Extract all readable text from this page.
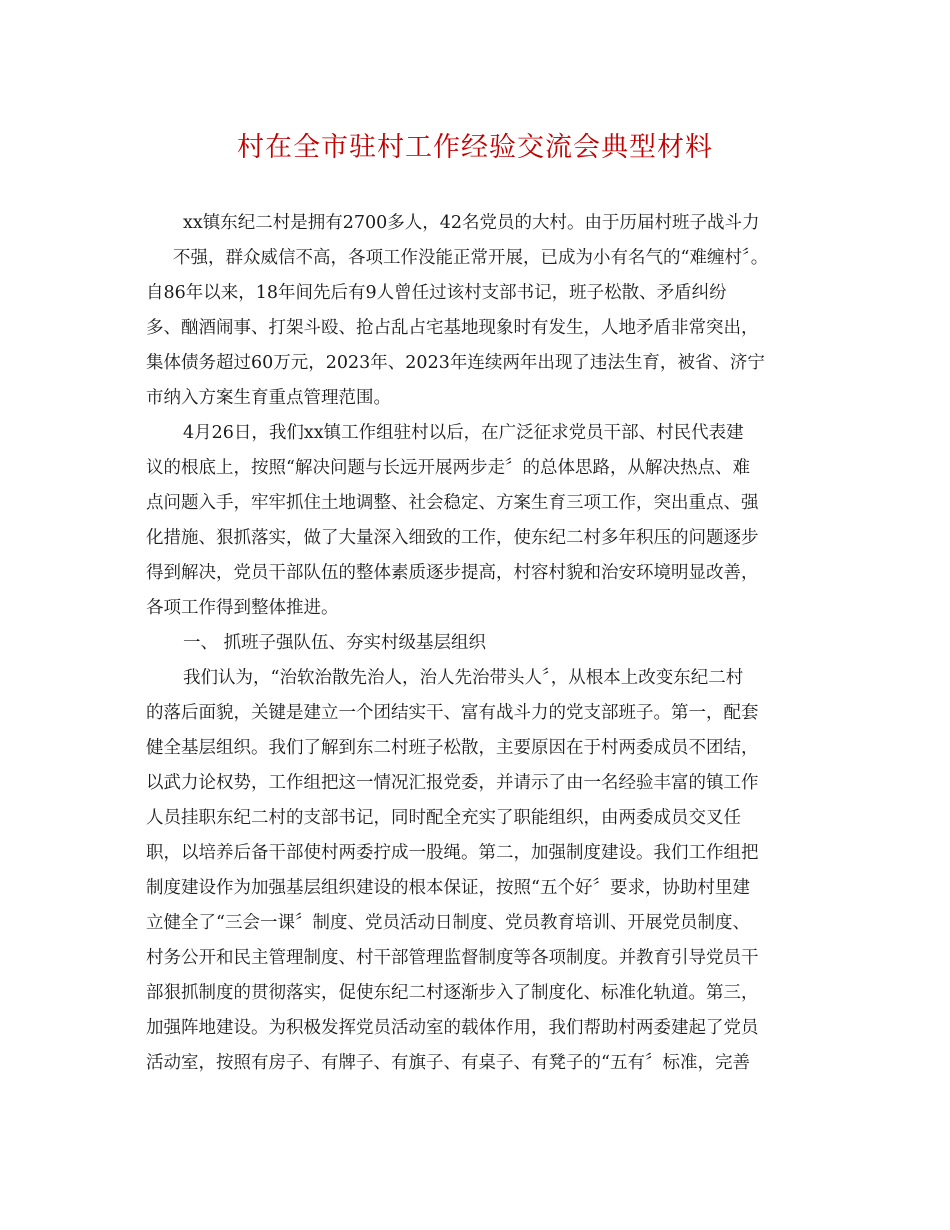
村在全市驻村工作经验交流会典型材料
xx镇东纪二村是拥有2700多人，42名党员的大村。由于历届村班子战斗力
不强，群众威信不高，各项工作没能正常开展，已成为小有名气的“难缠村〞。
自86年以来，18年间先后有9人曾任过该村支部书记，班子松散、矛盾纠纷
多、酗酒闹事、打架斗殴、抢占乱占宅基地现象时有发生，人地矛盾非常突出，
集体债务超过60万元，2023年、2023年连续两年出现了违法生育，被省、济宁
市纳入方案生育重点管理范围。
4月26日，我们xx镇工作组驻村以后，在广泛征求党员干部、村民代表建
议的根底上，按照“解决问题与长远开展两步走〞的总体思路，从解决热点、难
点问题入手，牢牢抓住土地调整、社会稳定、方案生育三项工作，突出重点、强
化措施、狠抓落实，做了大量深入细致的工作，使东纪二村多年积压的问题逐步
得到解决，党员干部队伍的整体素质逐步提高，村容村貌和治安环境明显改善，
各项工作得到整体推进。
一、 抓班子强队伍、夯实村级基层组织
我们认为，“治软治散先治人，治人先治带头人〞，从根本上改变东纪二村
的落后面貌，关键是建立一个团结实干、富有战斗力的党支部班子。第一，配套
健全基层组织。我们了解到东二村班子松散，主要原因在于村两委成员不团结，
以武力论权势，工作组把这一情况汇报党委，并请示了由一名经验丰富的镇工作
人员挂职东纪二村的支部书记，同时配全充实了职能组织，由两委成员交叉任
职，以培养后备干部使村两委拧成一股绳。第二，加强制度建设。我们工作组把
制度建设作为加强基层组织建设的根本保证，按照“五个好〞要求，协助村里建
立健全了“三会一课〞制度、党员活动日制度、党员教育培训、开展党员制度、
村务公开和民主管理制度、村干部管理监督制度等各项制度。并教育引导党员干
部狠抓制度的贯彻落实，促使东纪二村逐渐步入了制度化、标准化轨道。第三，
加强阵地建设。为积极发挥党员活动室的载体作用，我们帮助村两委建起了党员
活动室，按照有房子、有牌子、有旗子、有桌子、有凳子的“五有〞标准，完善
